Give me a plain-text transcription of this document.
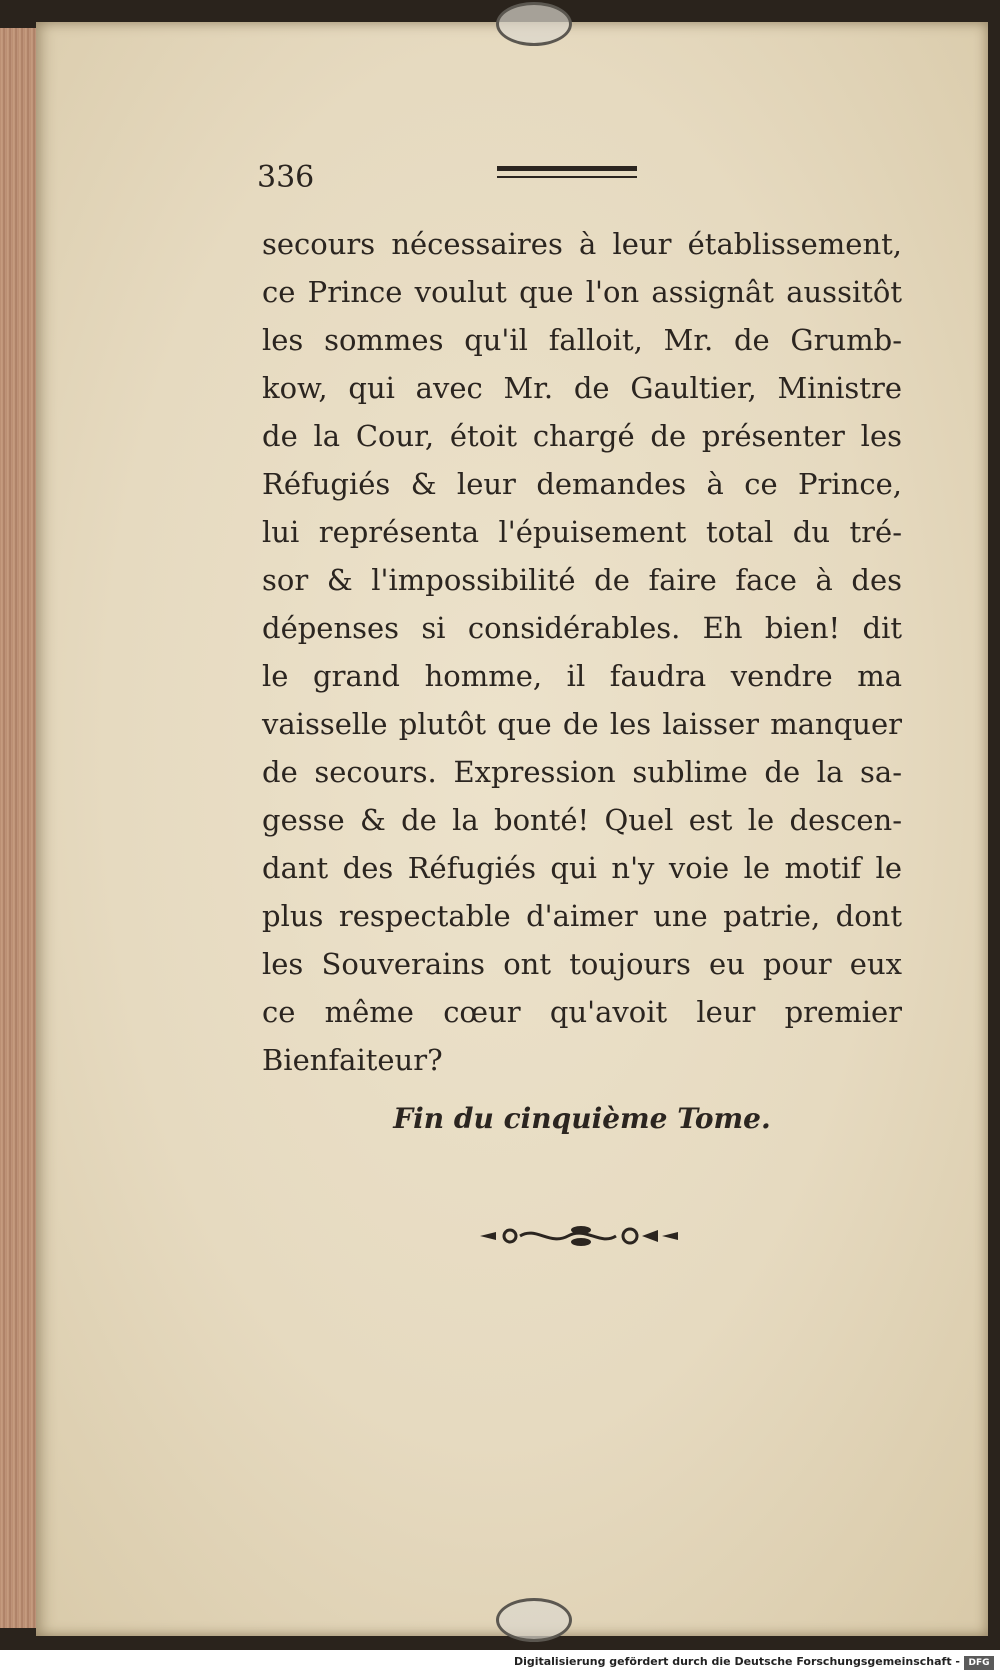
336
secours nécessaires à leur établissement,
ce Prince voulut que l'on assignât aussitôt
les sommes qu'il falloit, Mr. de Grumb-
kow, qui avec Mr. de Gaultier, Ministre
de la Cour, étoit chargé de présenter les
Réfugiés & leur demandes à ce Prince,
lui représenta l'épuisement total du tré-
sor & l'impossibilité de faire face à des
dépenses si considérables. Eh bien! dit
le grand homme, il faudra vendre ma
vaisselle plutôt que de les laisser manquer
de secours. Expression sublime de la sa-
gesse & de la bonté! Quel est le descen-
dant des Réfugiés qui n'y voie le motif le
plus respectable d'aimer une patrie, dont
les Souverains ont toujours eu pour eux
ce même cœur qu'avoit leur premier
Bienfaiteur?
Fin du cinquième Tome.
Digitalisierung gefördert durch die Deutsche Forschungsgemeinschaft - DFG
